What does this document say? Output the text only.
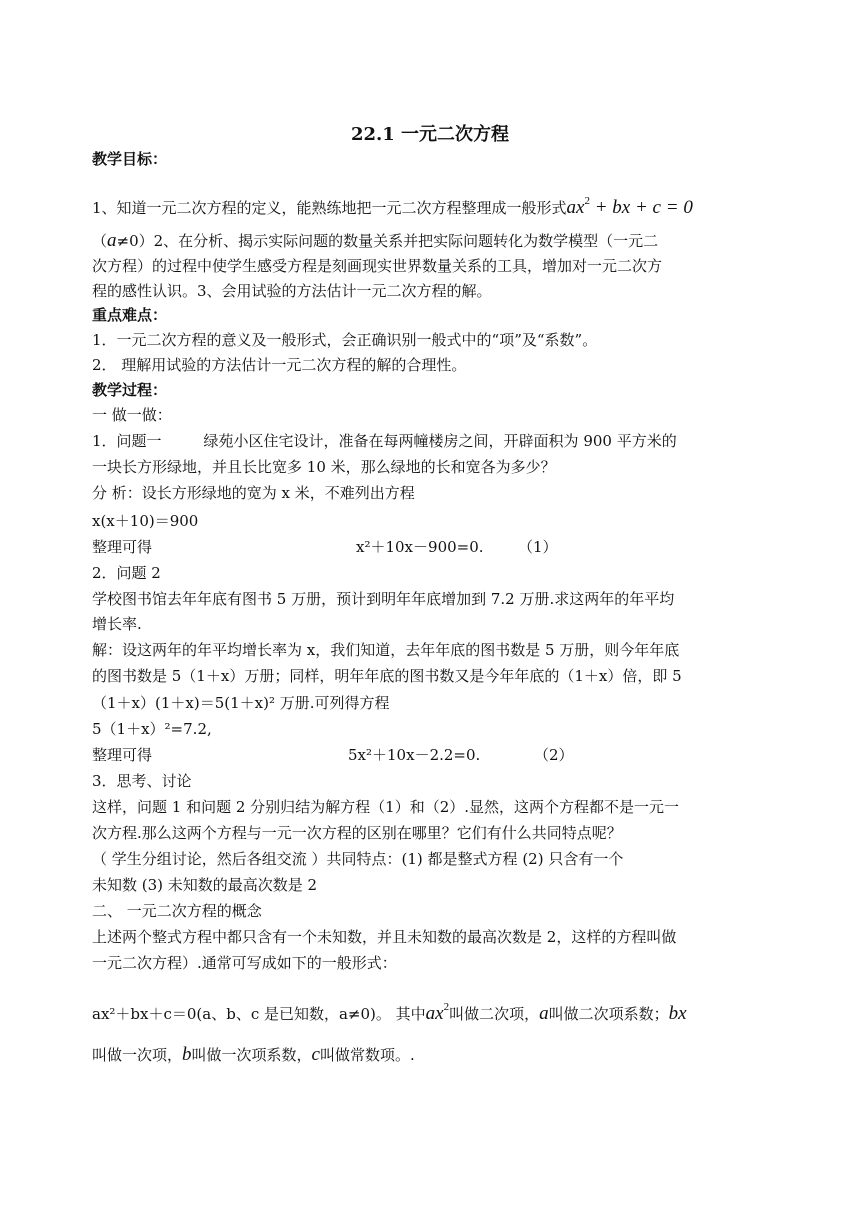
22.1 一元二次方程
教学目标：
1、知道一元二次方程的定义，能熟练地把一元二次方程整理成一般形式$ax^2$ + bx + c = 0
（a≠0）2、在分析、揭示实际问题的数量关系并把实际问题转化为数学模型（一元二
次方程）的过程中使学生感受方程是刻画现实世界数量关系的工具，增加对一元二次方
程的感性认识。3、会用试验的方法估计一元二次方程的解。
重点难点：
1．一元二次方程的意义及一般形式，会正确识别一般式中的“项”及“系数”。
2． 理解用试验的方法估计一元二次方程的解的合理性。
教学过程：
一 做一做：
1．问题一	绿苑小区住宅设计，准备在每两幢楼房之间，开辟面积为 900 平方米的
一块长方形绿地，并且长比宽多 10 米，那么绿地的长和宽各为多少？
分 析：设长方形绿地的宽为 x 米，不难列出方程
x(x＋10)＝900
整理可得	x²＋10x－900=0. （1）
2．问题 2
学校图书馆去年年底有图书 5 万册，预计到明年年底增加到 7.2 万册.求这两年的年平均
增长率.
解：设这两年的年平均增长率为 x，我们知道，去年年底的图书数是 5 万册，则今年年底
的图书数是 5（1＋x）万册；同样，明年年底的图书数又是今年年底的（1＋x）倍，即 5
（1＋x）(1＋x)＝5(1＋x)² 万册.可列得方程
5（1＋x）²=7.2,
整理可得	5x²＋10x－2.2=0.	（2）
3．思考、讨论
这样，问题 1 和问题 2 分别归结为解方程（1）和（2）.显然，这两个方程都不是一元一
次方程.那么这两个方程与一元一次方程的区别在哪里？它们有什么共同特点呢？
（ 学生分组讨论，然后各组交流 ）共同特点：(1) 都是整式方程 (2) 只含有一个
未知数 (3) 未知数的最高次数是 2
二、 一元二次方程的概念
上述两个整式方程中都只含有一个未知数，并且未知数的最高次数是 2，这样的方程叫做
一元二次方程）.通常可写成如下的一般形式：
ax²＋bx＋c＝0(a、b、c 是已知数，a≠0)。 其中$ax^2$叫做二次项，a叫做二次项系数；bx
叫做一次项，b叫做一次项系数，c叫做常数项。.
